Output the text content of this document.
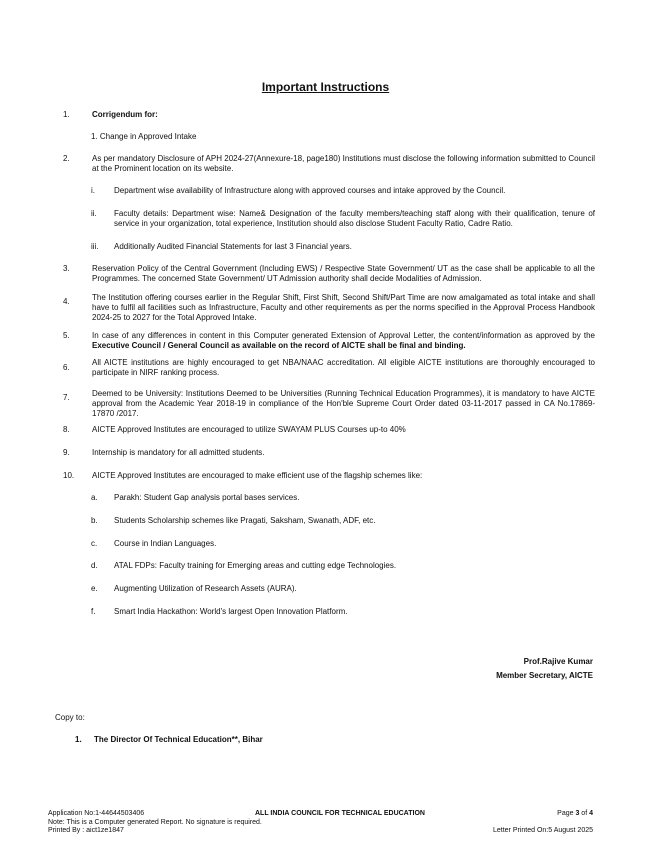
Important Instructions
1.	Corrigendum for:
1. Change in Approved Intake
2.	As per mandatory Disclosure of APH 2024-27(Annexure-18, page180) Institutions must disclose the following information submitted to Council at the Prominent location on its website.
i.	Department wise availability of Infrastructure along with approved courses and intake approved by the Council.
ii.	Faculty details: Department wise: Name& Designation of the faculty members/teaching staff along with their qualification, tenure of service in your organization, total experience, Institution should also disclose Student Faculty Ratio, Cadre Ratio.
iii.	Additionally Audited Financial Statements for last 3 Financial years.
3.	Reservation Policy of the Central Government (Including EWS) / Respective State Government/ UT as the case shall be applicable to all the Programmes. The concerned State Government/ UT Admission authority shall decide Modalities of Admission.
4.	The Institution offering courses earlier in the Regular Shift, First Shift, Second Shift/Part Time are now amalgamated as total intake and shall have to fulfil all facilities such as Infrastructure, Faculty and other requirements as per the norms specified in the Approval Process Handbook 2024-25 to 2027 for the Total Approved Intake.
5.	In case of any differences in content in this Computer generated Extension of Approval Letter, the content/information as approved by the Executive Council / General Council as available on the record of AICTE shall be final and binding.
6.
All AICTE institutions are highly encouraged to get NBA/NAAC accreditation. All eligible AICTE institutions are thoroughly encouraged to participate in NIRF ranking process.
7.	Deemed to be University: Institutions Deemed to be Universities (Running Technical Education Programmes), it is mandatory to have AICTE approval from the Academic Year 2018-19 in compliance of the Hon'ble Supreme Court Order dated 03-11-2017 passed in CA No.17869- 17870 /2017.
8.	AICTE Approved Institutes are encouraged to utilize SWAYAM PLUS Courses up-to 40%
9.	Internship is mandatory for all admitted students.
10.	AICTE Approved Institutes are encouraged to make efficient use of the flagship schemes like:
a.	Parakh: Student Gap analysis portal bases services.
b.	Students Scholarship schemes like Pragati, Saksham, Swanath, ADF, etc.
c.	Course in Indian Languages.
d.	ATAL FDPs: Faculty training for Emerging areas and cutting edge Technologies.
e.	Augmenting Utilization of Research Assets (AURA).
f.	Smart India Hackathon: World's largest Open Innovation Platform.
Prof.Rajive Kumar
Member Secretary, AICTE
Copy to:
1.	The Director Of Technical Education**, Bihar
Application No:1-44644503406
Note: This is a Computer generated Report. No signature is required.
Printed By : aict1ze1847
ALL INDIA COUNCIL FOR TECHNICAL EDUCATION	Page 3 of 4
Letter Printed On:5 August 2025
